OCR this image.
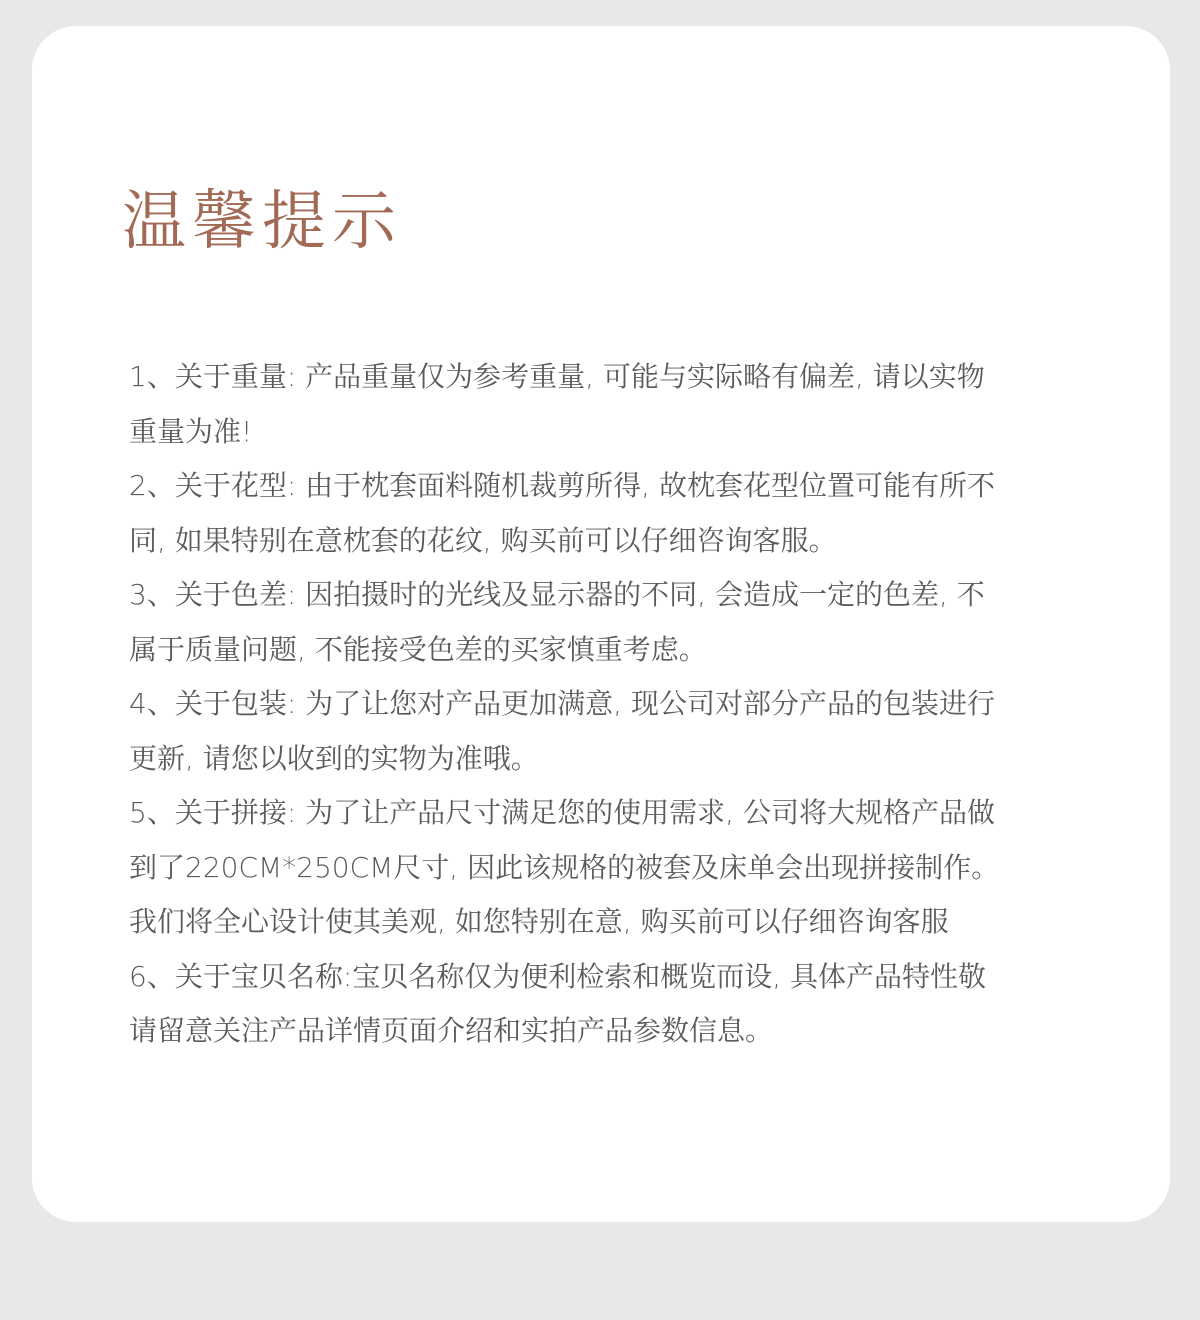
温馨提示
1、关于重量: 产品重量仅为参考重量, 可能与实际略有偏差, 请以实物
重量为准!
2、关于花型: 由于枕套面料随机裁剪所得, 故枕套花型位置可能有所不
同, 如果特别在意枕套的花纹, 购买前可以仔细咨询客服。
3、关于色差: 因拍摄时的光线及显示器的不同, 会造成一定的色差, 不
属于质量问题, 不能接受色差的买家慎重考虑。
4、关于包装: 为了让您对产品更加满意, 现公司对部分产品的包装进行
更新, 请您以收到的实物为准哦。
5、关于拼接: 为了让产品尺寸满足您的使用需求, 公司将大规格产品做
到了220CM*250CM尺寸, 因此该规格的被套及床单会出现拼接制作。
我们将全心设计使其美观, 如您特别在意, 购买前可以仔细咨询客服
6、关于宝贝名称:宝贝名称仅为便利检索和概览而设, 具体产品特性敬
请留意关注产品详情页面介绍和实拍产品参数信息。
